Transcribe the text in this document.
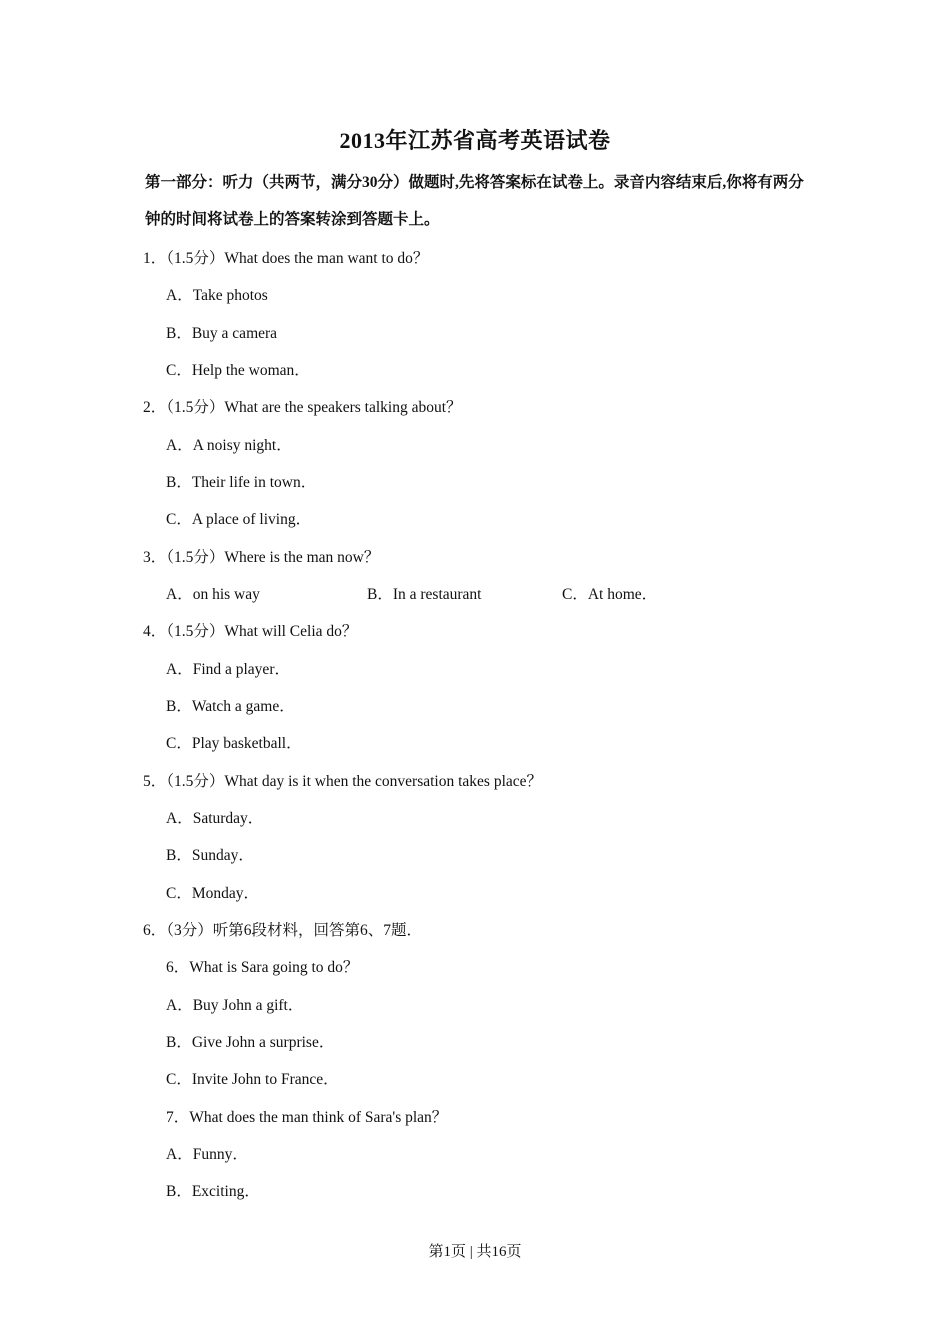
2013年江苏省高考英语试卷
第一部分：听力（共两节，满分30分）做题时,先将答案标在试卷上。录音内容结束后,你将有两分钟的时间将试卷上的答案转涂到答题卡上。
1．（1.5分）What does the man want to do？
A．Take photos
B．Buy a camera
C．Help the woman．
2．（1.5分）What are the speakers talking about？
A．A noisy night．
B．Their life in town．
C．A place of living．
3．（1.5分）Where is the man now？
A．on his way	B．In a restaurant	C．At home．
4．（1.5分）What will Celia do？
A．Find a player．
B．Watch a game．
C．Play basketball．
5．（1.5分）What day is it when the conversation takes place？
A．Saturday．
B．Sunday．
C．Monday．
6．（3分）听第6段材料，回答第6、7题．
6．What is Sara going to do？
A．Buy John a gift．
B．Give John a surprise．
C．Invite John to France．
7．What does the man think of Sara's plan？
A．Funny．
B．Exciting．
第1页 | 共16页
